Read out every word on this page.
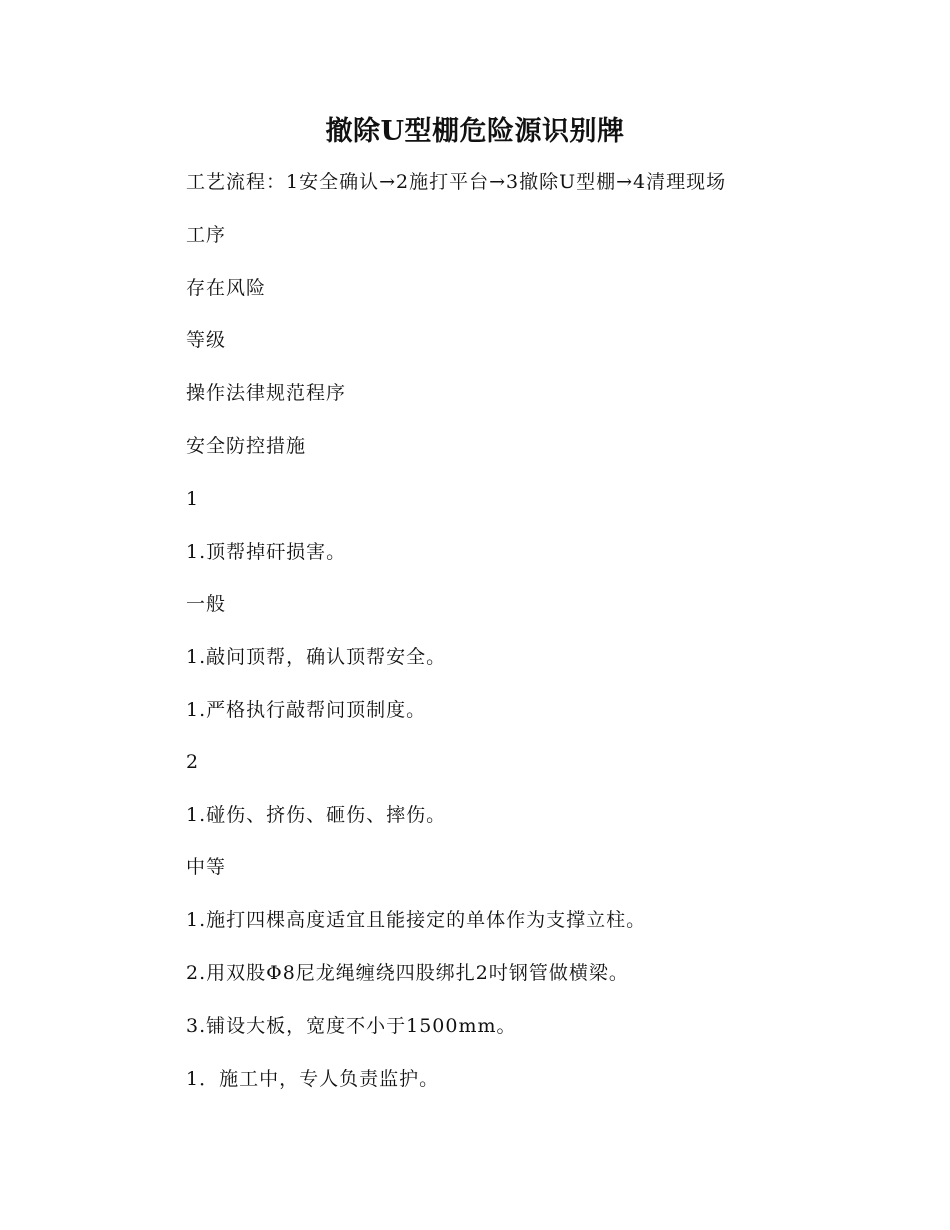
撤除U型棚危险源识别牌
工艺流程：1安全确认→2施打平台→3撤除U型棚→4清理现场
工序
存在风险
等级
操作法律规范程序
安全防控措施
1
1.顶帮掉矸损害。
一般
1.敲问顶帮，确认顶帮安全。
1.严格执行敲帮问顶制度。
2
1.碰伤、挤伤、砸伤、摔伤。
中等
1.施打四棵高度适宜且能接定的单体作为支撑立柱。
2.用双股Φ8尼龙绳缠绕四股绑扎2吋钢管做横梁。
3.铺设大板，宽度不小于1500mm。
1．施工中，专人负责监护。
